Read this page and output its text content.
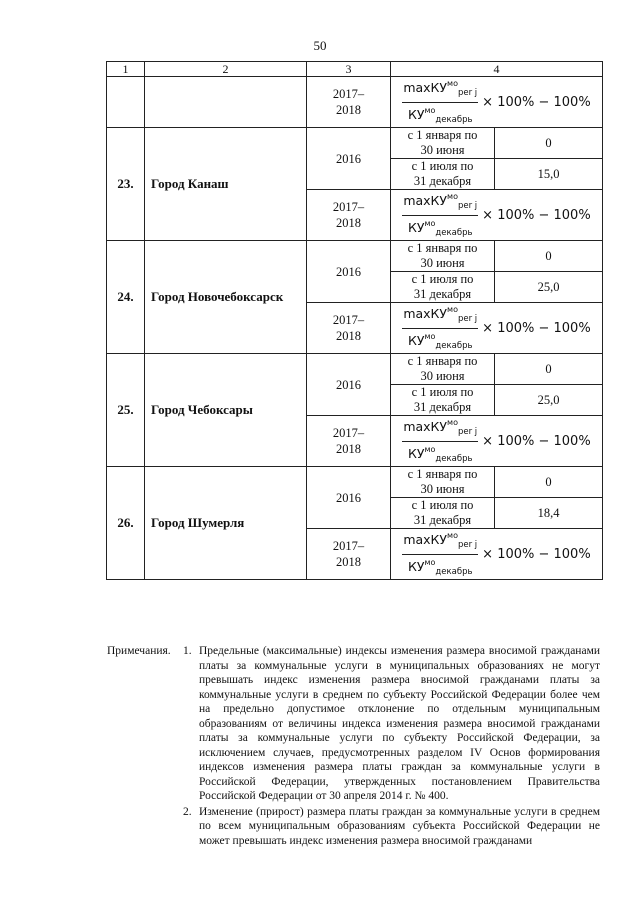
50
1	2	3	4	
		2017–
2018	$\frac{\max КУ^{мо}_{per j}}{КУ^{мо}_{декабрь}} \times 100\% - 100\%$	

23.	Город Канаш	2016	с 1 января по
30 июня	0
			с 1 июля по
31 декабря	15,0
		2017–
2018	$\frac{\max КУ^{мо}_{per j}}{КУ^{мо}_{декабрь}} \times 100\% - 100\%$	

24.	Город Новочебоксарск	2016	с 1 января по
30 июня	0
			с 1 июля по
31 декабря	25,0
		2017–
2018	$\frac{\max КУ^{мо}_{per j}}{КУ^{мо}_{декабрь}} \times 100\% - 100\%$	

25.	Город Чебоксары	2016	с 1 января по
30 июня	0
			с 1 июля по
31 декабря	25,0
		2017–
2018	$\frac{\max КУ^{мо}_{per j}}{КУ^{мо}_{декабрь}} \times 100\% - 100\%$	

26.	Город Шумерля	2016	с 1 января по
30 июня	0
			с 1 июля по
31 декабря	18,4
		2017–
2018	$\frac{\max КУ^{мо}_{per j}}{КУ^{мо}_{декабрь}} \times 100\% - 100\%$	
Примечания.	1. Предельные (максимальные) индексы изменения размера вносимой гражданами платы за коммунальные услуги в муниципальных образованиях не могут превышать индекс изменения размера вносимой гражданами платы за коммунальные услуги в среднем по субъекту Российской Федерации более чем на предельно допустимое отклонение по отдельным муниципальным образованиям от величины индекса изменения размера вносимой гражданами платы за коммунальные услуги по субъекту Российской Федерации, за исключением случаев, предусмотренных разделом IV Основ формирования индексов изменения размера платы граждан за коммунальные услуги в Российской Федерации, утвержденных постановлением Правительства Российской Федерации от 30 апреля 2014 г. № 400.
2. Изменение (прирост) размера платы граждан за коммунальные услуги в среднем по всем муниципальным образованиям субъекта Российской Федерации не может превышать индекс изменения размера вносимой гражданами
